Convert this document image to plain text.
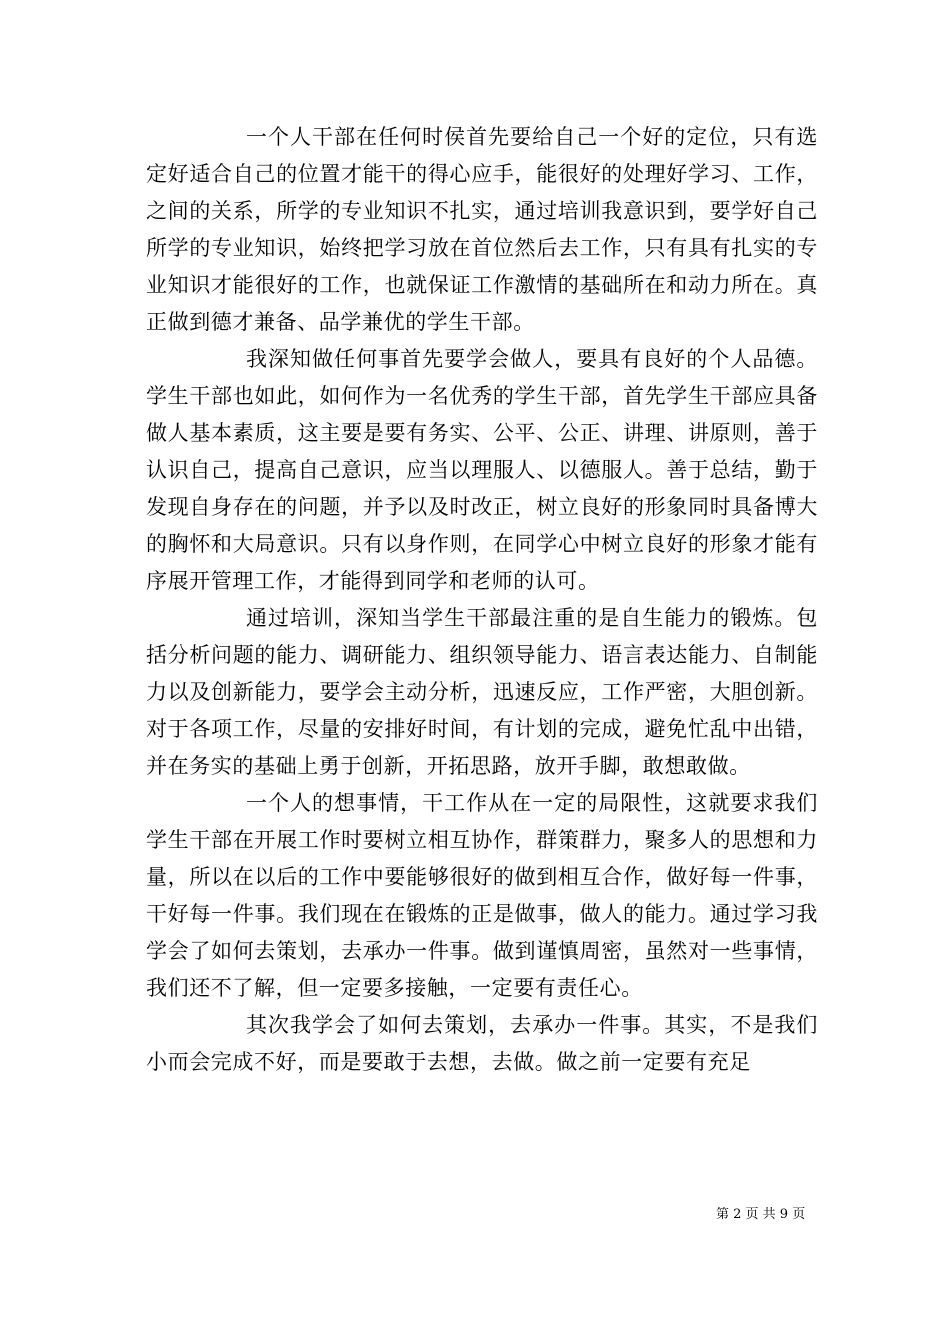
一个人干部在任何时侯首先要给自己一个好的定位，只有选定好适合自己的位置才能干的得心应手，能很好的处理好学习、工作，之间的关系，所学的专业知识不扎实，通过培训我意识到，要学好自己所学的专业知识，始终把学习放在首位然后去工作，只有具有扎实的专业知识才能很好的工作，也就保证工作激情的基础所在和动力所在。真正做到德才兼备、品学兼优的学生干部。

我深知做任何事首先要学会做人，要具有良好的个人品德。学生干部也如此，如何作为一名优秀的学生干部，首先学生干部应具备做人基本素质，这主要是要有务实、公平、公正、讲理、讲原则，善于认识自己，提高自己意识，应当以理服人、以德服人。善于总结，勤于发现自身存在的问题，并予以及时改正，树立良好的形象同时具备博大的胸怀和大局意识。只有以身作则，在同学心中树立良好的形象才能有序展开管理工作，才能得到同学和老师的认可。

通过培训，深知当学生干部最注重的是自生能力的锻炼。包括分析问题的能力、调研能力、组织领导能力、语言表达能力、自制能力以及创新能力，要学会主动分析，迅速反应，工作严密，大胆创新。对于各项工作，尽量的安排好时间，有计划的完成，避免忙乱中出错，并在务实的基础上勇于创新，开拓思路，放开手脚，敢想敢做。

一个人的想事情，干工作从在一定的局限性，这就要求我们学生干部在开展工作时要树立相互协作，群策群力，聚多人的思想和力量，所以在以后的工作中要能够很好的做到相互合作，做好每一件事，干好每一件事。我们现在在锻炼的正是做事，做人的能力。通过学习我学会了如何去策划，去承办一件事。做到谨慎周密，虽然对一些事情，我们还不了解，但一定要多接触，一定要有责任心。

其次我学会了如何去策划，去承办一件事。其实，不是我们小而会完成不好，而是要敢于去想，去做。做之前一定要有充足

第 2 页 共 9 页
